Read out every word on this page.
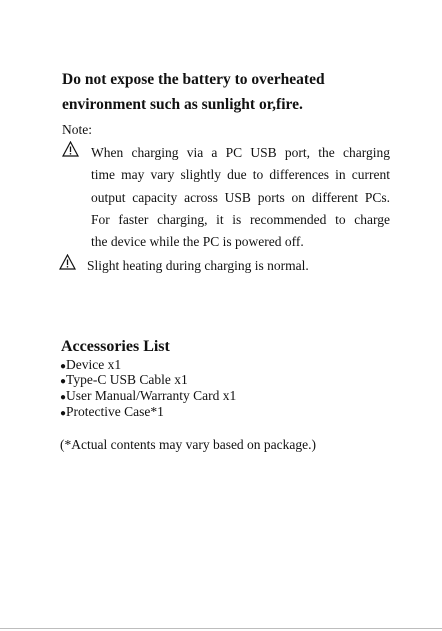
Do not expose the battery to overheated
environment such as sunlight or,fire.
Note:
When charging via a PC USB port, the charging
time may vary slightly due to differences in current
output capacity across USB ports on different PCs.
For faster charging, it is recommended to charge
the device while the PC is powered off.
Slight heating during charging is normal.
Accessories List
●Device x1
●Type-C USB Cable x1
●User Manual/Warranty Card x1
●Protective Case*1
(*Actual contents may vary based on package.)
